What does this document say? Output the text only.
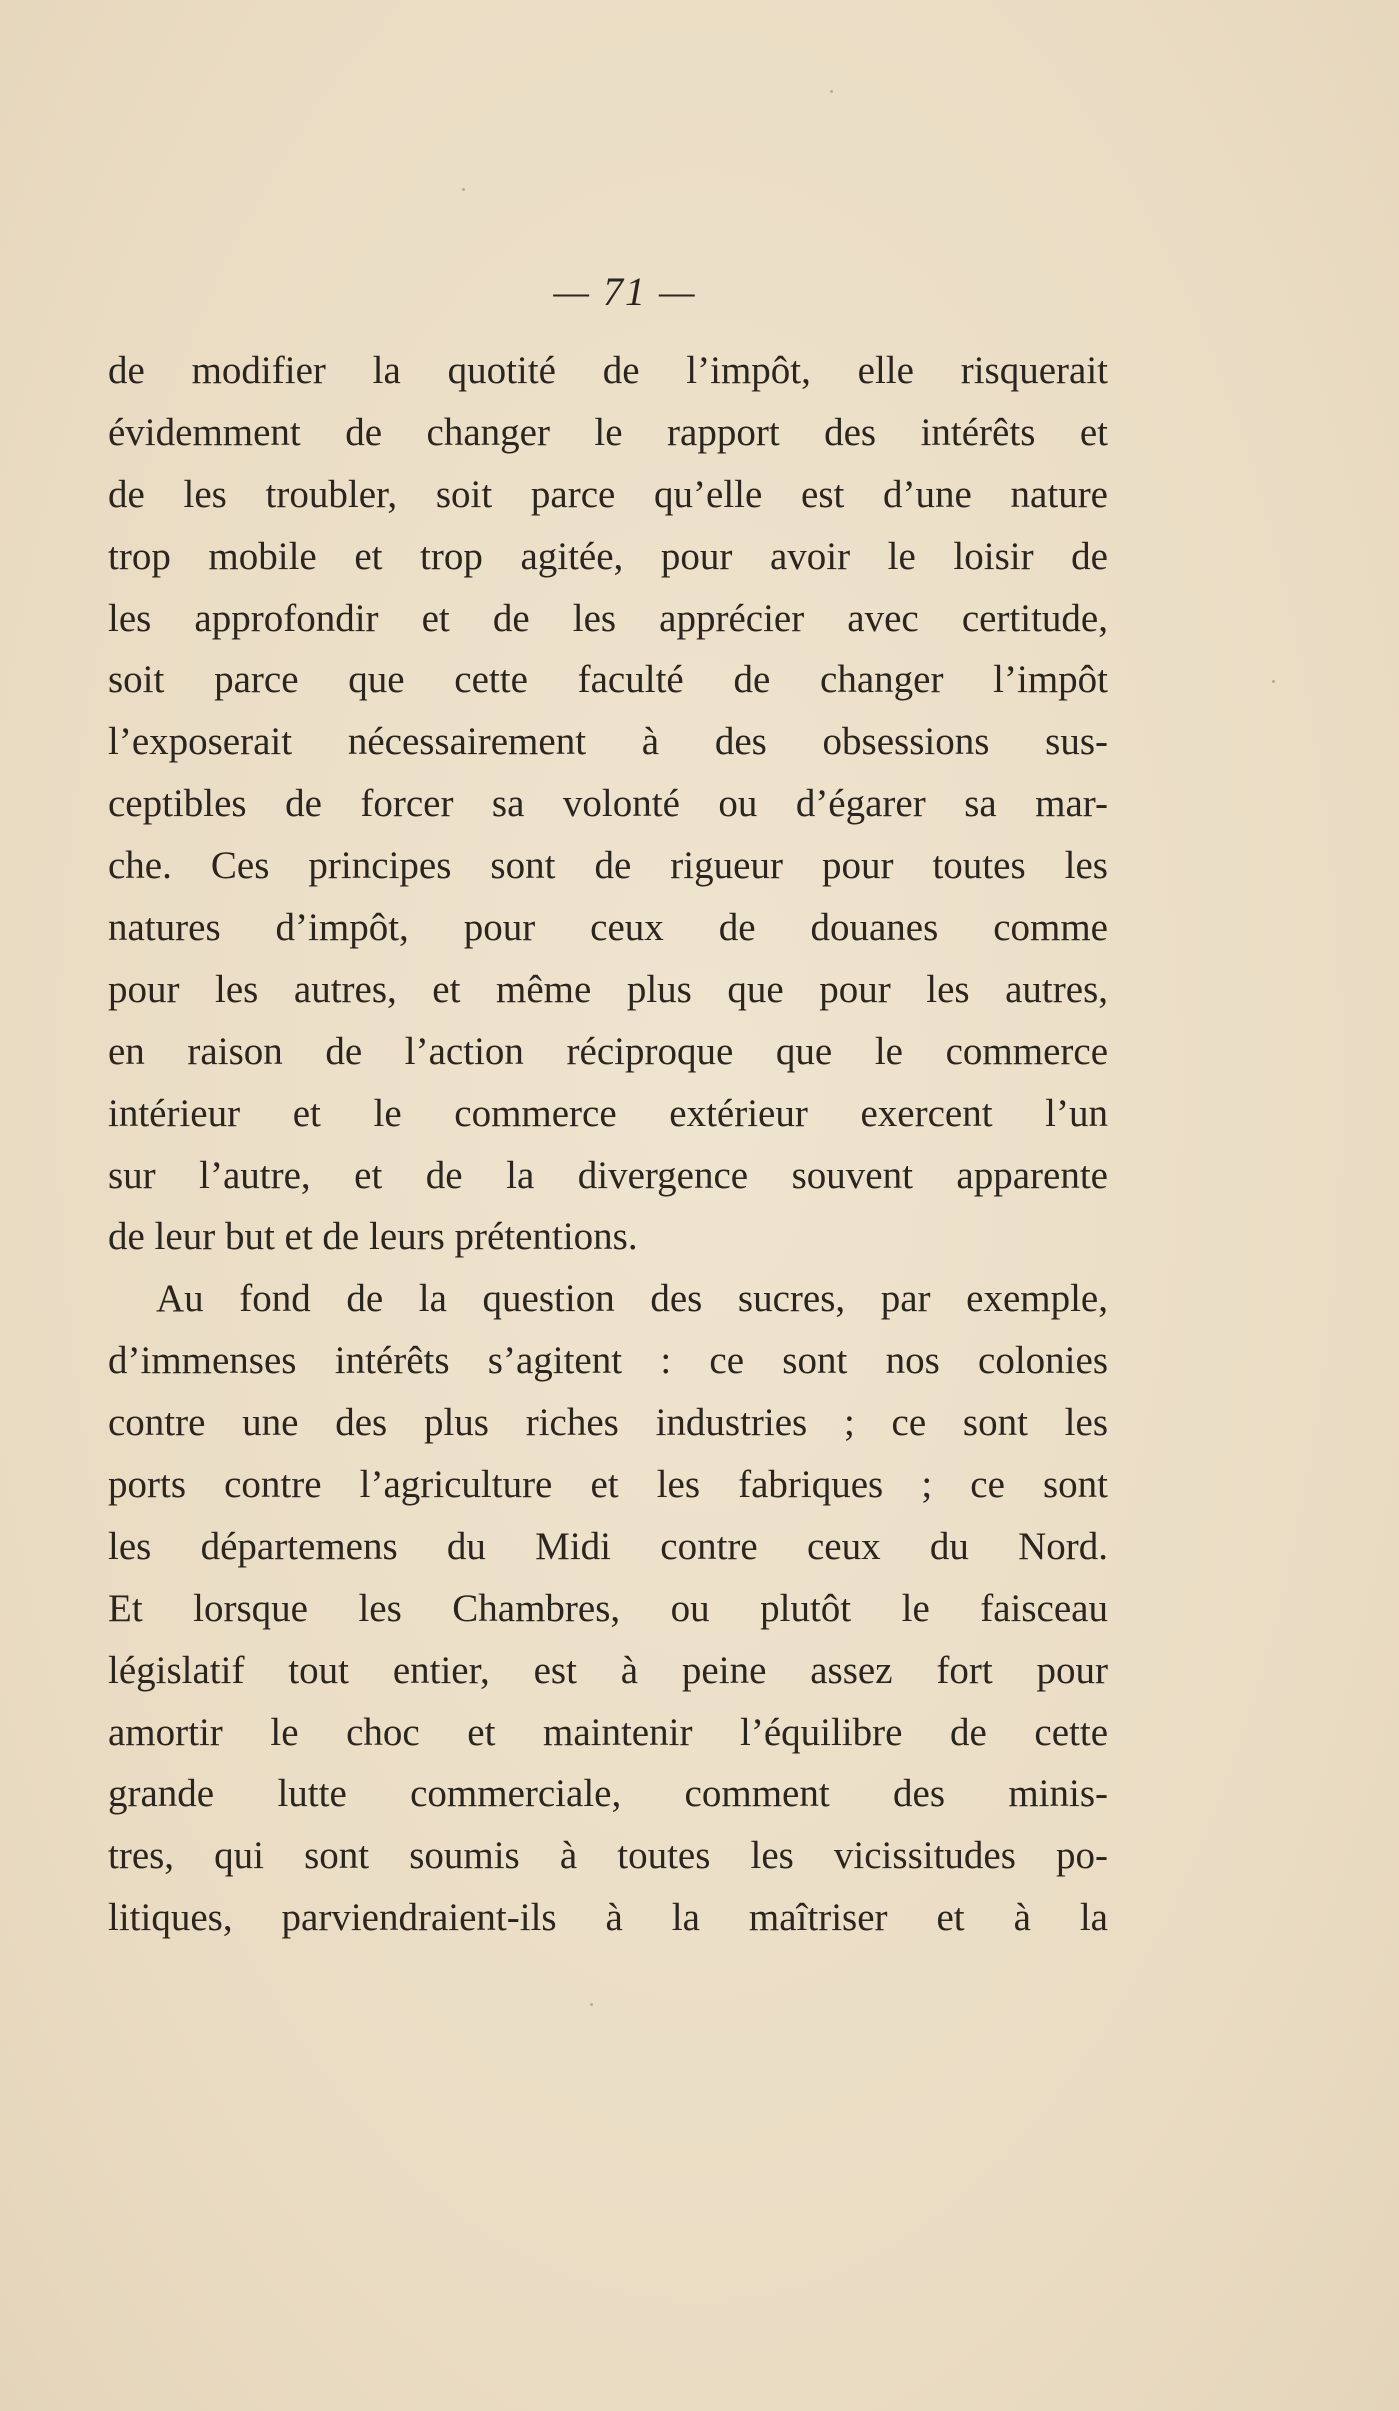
— 71 —
de modifier la quotité de l’impôt, elle risquerait
évidemment de changer le rapport des intérêts et
de les troubler, soit parce qu’elle est d’une nature
trop mobile et trop agitée, pour avoir le loisir de
les approfondir et de les apprécier avec certitude,
soit parce que cette faculté de changer l’impôt
l’exposerait nécessairement à des obsessions sus-
ceptibles de forcer sa volonté ou d’égarer sa mar-
che. Ces principes sont de rigueur pour toutes les
natures d’impôt, pour ceux de douanes comme
pour les autres, et même plus que pour les autres,
en raison de l’action réciproque que le commerce
intérieur et le commerce extérieur exercent l’un
sur l’autre, et de la divergence souvent apparente
de leur but et de leurs prétentions.
Au fond de la question des sucres, par exemple,
d’immenses intérêts s’agitent : ce sont nos colonies
contre une des plus riches industries ; ce sont les
ports contre l’agriculture et les fabriques ; ce sont
les départemens du Midi contre ceux du Nord.
Et lorsque les Chambres, ou plutôt le faisceau
législatif tout entier, est à peine assez fort pour
amortir le choc et maintenir l’équilibre de cette
grande lutte commerciale, comment des minis-
tres, qui sont soumis à toutes les vicissitudes po-
litiques, parviendraient-ils à la maîtriser et à la
